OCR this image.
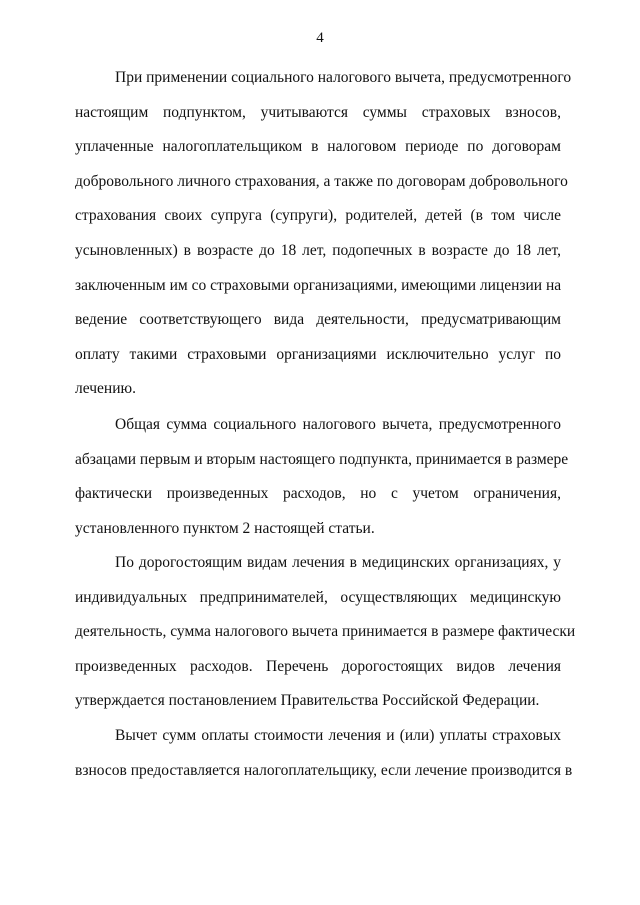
4
При применении социального налогового вычета, предусмотренного
настоящим подпунктом, учитываются суммы страховых взносов,
уплаченные налогоплательщиком в налоговом периоде по договорам
добровольного личного страхования, а также по договорам добровольного
страхования своих супруга (супруги), родителей, детей (в том числе
усыновленных) в возрасте до 18 лет, подопечных в возрасте до 18 лет,
заключенным им со страховыми организациями, имеющими лицензии на
ведение соответствующего вида деятельности, предусматривающим
оплату такими страховыми организациями исключительно услуг по
лечению.
Общая сумма социального налогового вычета, предусмотренного
абзацами первым и вторым настоящего подпункта, принимается в размере
фактически произведенных расходов, но с учетом ограничения,
установленного пунктом 2 настоящей статьи.
По дорогостоящим видам лечения в медицинских организациях, у
индивидуальных предпринимателей, осуществляющих медицинскую
деятельность, сумма налогового вычета принимается в размере фактически
произведенных расходов. Перечень дорогостоящих видов лечения
утверждается постановлением Правительства Российской Федерации.
Вычет сумм оплаты стоимости лечения и (или) уплаты страховых
взносов предоставляется налогоплательщику, если лечение производится в
